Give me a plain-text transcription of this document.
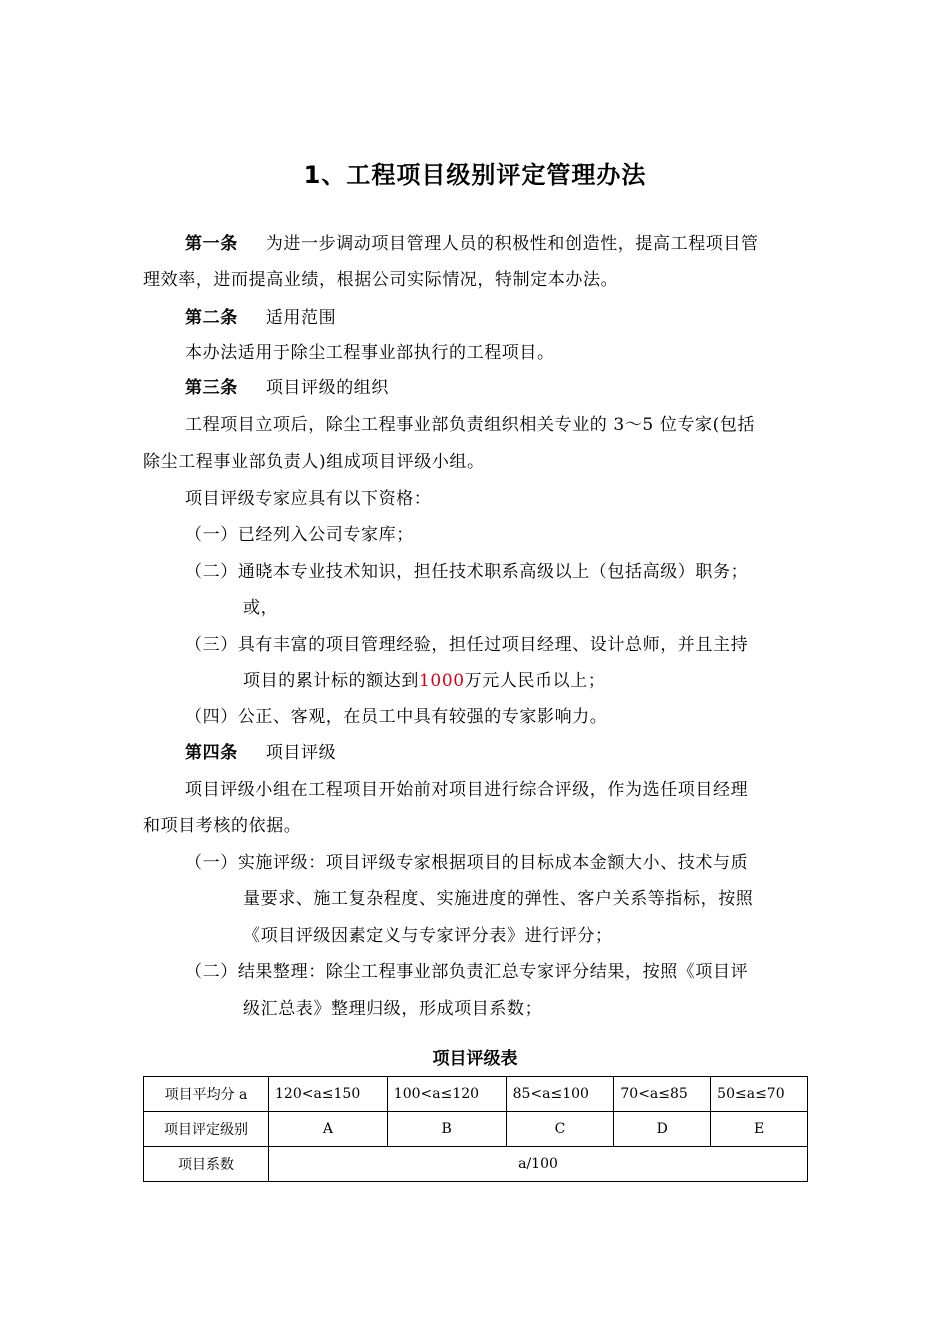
1、工程项目级别评定管理办法
第一条 为进一步调动项目管理人员的积极性和创造性，提高工程项目管
理效率，进而提高业绩，根据公司实际情况，特制定本办法。
第二条 适用范围
本办法适用于除尘工程事业部执行的工程项目。
第三条 项目评级的组织
工程项目立项后，除尘工程事业部负责组织相关专业的 3～5 位专家(包括
除尘工程事业部负责人)组成项目评级小组。
项目评级专家应具有以下资格：
（一）已经列入公司专家库；
（二）通晓本专业技术知识，担任技术职系高级以上（包括高级）职务；
或，
（三）具有丰富的项目管理经验，担任过项目经理、设计总师，并且主持
项目的累计标的额达到1000万元人民币以上；
（四）公正、客观，在员工中具有较强的专家影响力。
第四条 项目评级
项目评级小组在工程项目开始前对项目进行综合评级，作为选任项目经理
和项目考核的依据。
（一）实施评级：项目评级专家根据项目的目标成本金额大小、技术与质
量要求、施工复杂程度、实施进度的弹性、客户关系等指标，按照
《项目评级因素定义与专家评分表》进行评分；
（二）结果整理：除尘工程事业部负责汇总专家评分结果，按照《项目评
级汇总表》整理归级，形成项目系数；
项目评级表
项目平均分 a	120<a≤150	100<a≤120	85<a≤100	70<a≤85	50≤a≤70
项目评定级别	A	B	C	D	E
项目系数	a/100				
